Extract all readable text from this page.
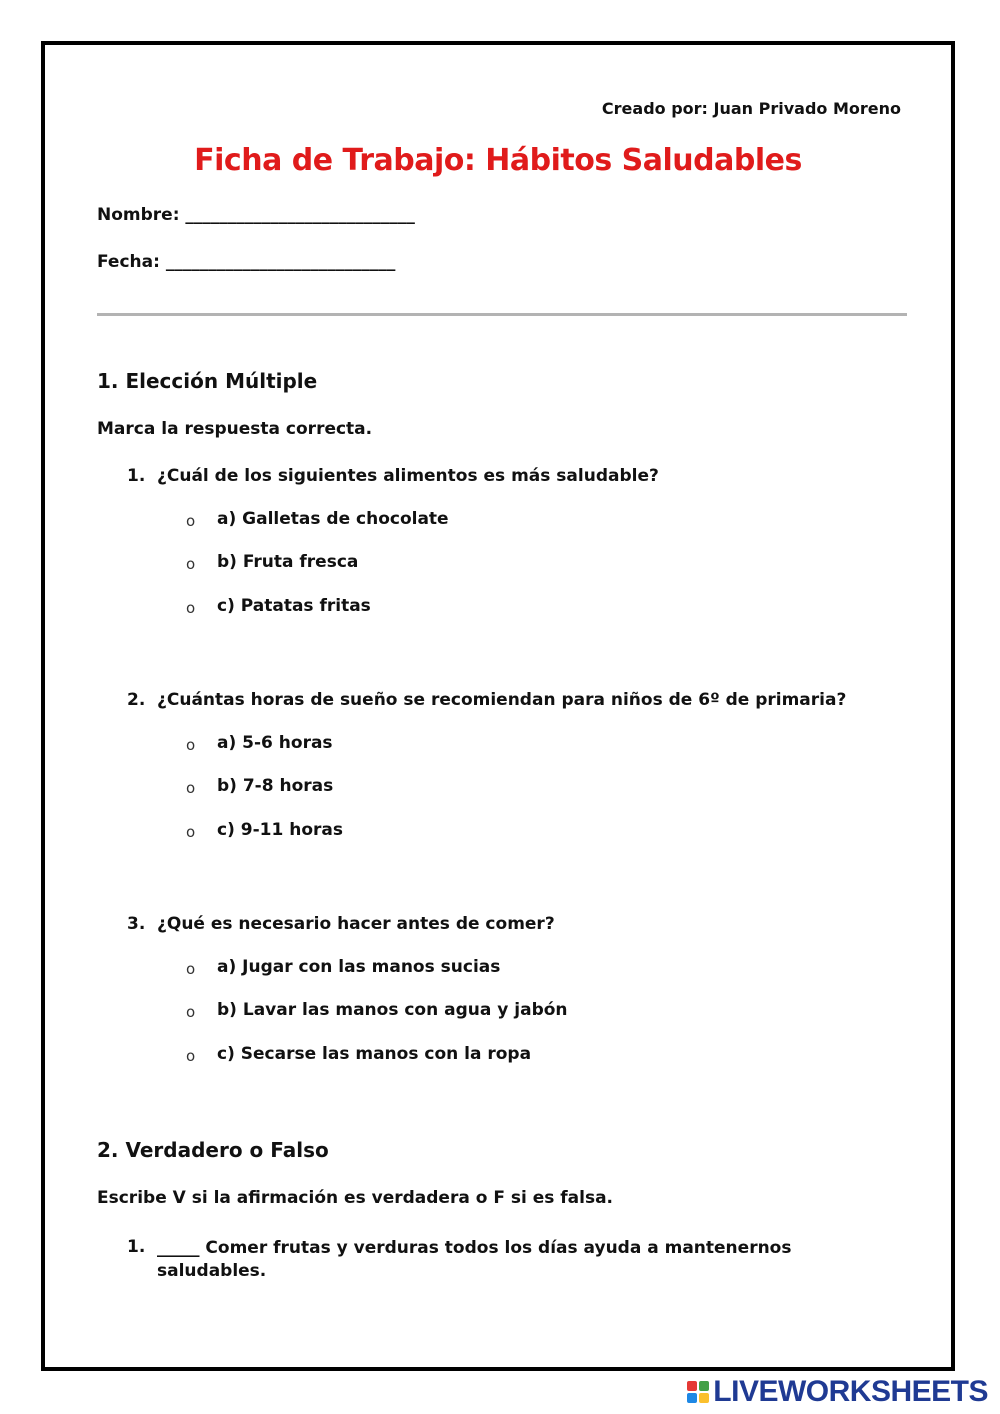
Creado por: Juan Privado Moreno
Ficha de Trabajo: Hábitos Saludables
Nombre: ___________________________
Fecha: ___________________________
1. Elección Múltiple
Marca la respuesta correcta.
1. ¿Cuál de los siguientes alimentos es más saludable?
o a) Galletas de chocolate
o b) Fruta fresca
o c) Patatas fritas
2. ¿Cuántas horas de sueño se recomiendan para niños de 6º de primaria?
o a) 5-6 horas
o b) 7-8 horas
o c) 9-11 horas
3. ¿Qué es necesario hacer antes de comer?
o a) Jugar con las manos sucias
o b) Lavar las manos con agua y jabón
o c) Secarse las manos con la ropa
2. Verdadero o Falso
Escribe V si la afirmación es verdadera o F si es falsa.
1. _____ Comer frutas y verduras todos los días ayuda a mantenernos saludables.
LIVEWORKSHEETS
